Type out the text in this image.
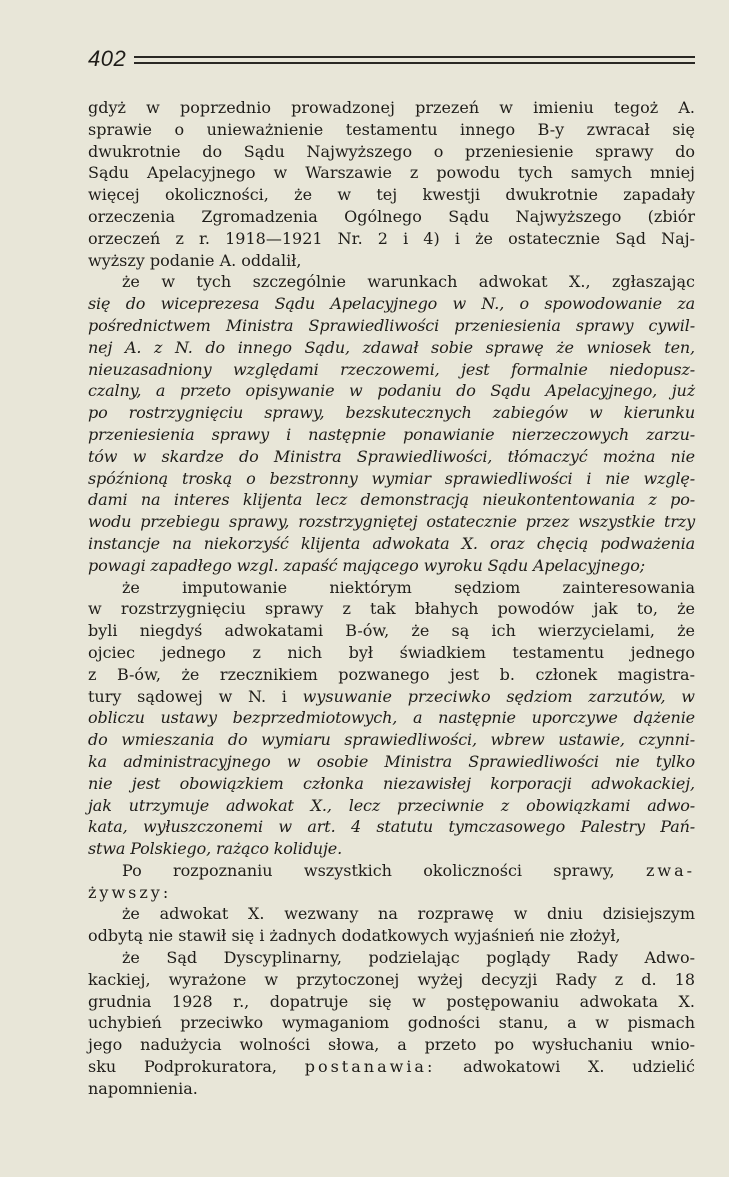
402
gdyż w poprzednio prowadzonej przezeń w imieniu tegoż A.
sprawie o unieważnienie testamentu innego B-y zwracał się
dwukrotnie do Sądu Najwyższego o przeniesienie sprawy do
Sądu Apelacyjnego w Warszawie z powodu tych samych mniej
więcej okoliczności, że w tej kwestji dwukrotnie zapadały
orzeczenia Zgromadzenia Ogólnego Sądu Najwyższego (zbiór
orzeczeń z r. 1918—1921 Nr. 2 i 4) i że ostatecznie Sąd Naj-
wyższy podanie A. oddalił,
że w tych szczególnie warunkach adwokat X., zgłaszając
się do wiceprezesa Sądu Apelacyjnego w N., o spowodowanie za
pośrednictwem Ministra Sprawiedliwości przeniesienia sprawy cywil-
nej A. z N. do innego Sądu, zdawał sobie sprawę że wniosek ten,
nieuzasadniony względami rzeczowemi, jest formalnie niedopusz-
czalny, a przeto opisywanie w podaniu do Sądu Apelacyjnego, już
po rostrzygnięciu sprawy, bezskutecznych zabiegów w kierunku
przeniesienia sprawy i następnie ponawianie nierzeczowych zarzu-
tów w skardze do Ministra Sprawiedliwości, tłómaczyć można nie
spóźnioną troską o bezstronny wymiar sprawiedliwości i nie wzglę-
dami na interes klijenta lecz demonstracją nieukontentowania z po-
wodu przebiegu sprawy, rozstrzygniętej ostatecznie przez wszystkie trzy
instancje na niekorzyść klijenta adwokata X. oraz chęcią podważenia
powagi zapadłego wzgl. zapaść mającego wyroku Sądu Apelacyjnego;
że imputowanie niektórym sędziom zainteresowania
w rozstrzygnięciu sprawy z tak błahych powodów jak to, że
byli niegdyś adwokatami B-ów, że są ich wierzycielami, że
ojciec jednego z nich był świadkiem testamentu jednego
z B-ów, że rzecznikiem pozwanego jest b. członek magistra-
tury sądowej w N. i wysuwanie przeciwko sędziom zarzutów, w
obliczu ustawy bezprzedmiotowych, a następnie uporczywe dążenie
do wmieszania do wymiaru sprawiedliwości, wbrew ustawie, czynni-
ka administracyjnego w osobie Ministra Sprawiedliwości nie tylko
nie jest obowiązkiem członka niezawisłej korporacji adwokackiej,
jak utrzymuje adwokat X., lecz przeciwnie z obowiązkami adwo-
kata, wyłuszczonemi w art. 4 statutu tymczasowego Palestry Pań-
stwa Polskiego, rażąco koliduje.
Po rozpoznaniu wszystkich okoliczności sprawy, zwa-
żywszy:
że adwokat X. wezwany na rozprawę w dniu dzisiejszym
odbytą nie stawił się i żadnych dodatkowych wyjaśnień nie złożył,
że Sąd Dyscyplinarny, podzielając poglądy Rady Adwo-
kackiej, wyrażone w przytoczonej wyżej decyzji Rady z d. 18
grudnia 1928 r., dopatruje się w postępowaniu adwokata X.
uchybień przeciwko wymaganiom godności stanu, a w pismach
jego nadużycia wolności słowa, a przeto po wysłuchaniu wnio-
sku Podprokuratora, postanawia: adwokatowi X. udzielić
napomnienia.
